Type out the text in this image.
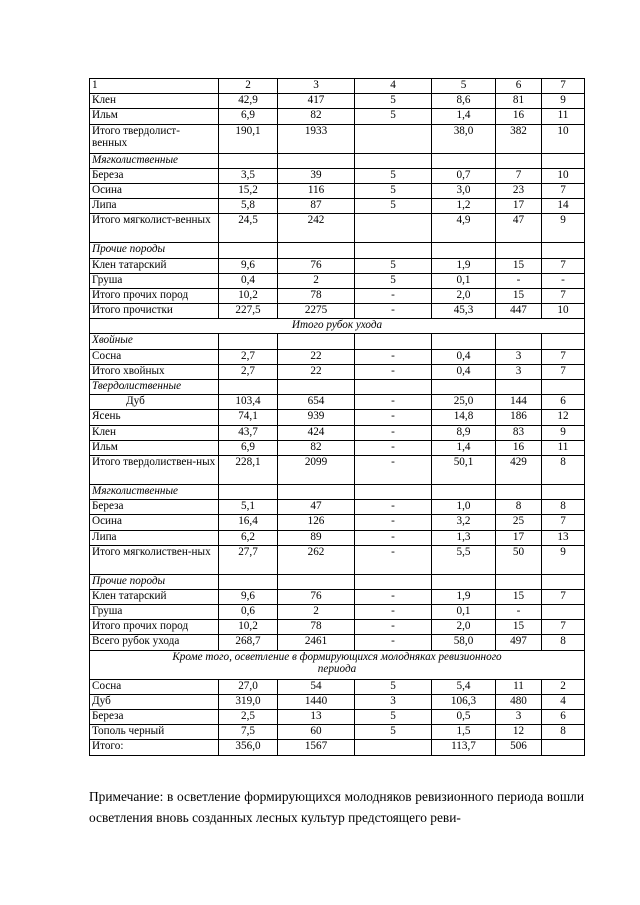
1	2	3	4	5	6	7
Клен	42,9	417	5	8,6	81	9
Ильм	6,9	82	5	1,4	16	11
Итого твердолист- венных	190,1	1933		38,0	382	10
Мягколиственные						
Береза	3,5	39	5	0,7	7	10
Осина	15,2	116	5	3,0	23	7
Липа	5,8	87	5	1,2	17	14
Итого мягколист-венных	24,5	242		4,9	47	9
Прочие породы						
Клен татарский	9,6	76	5	1,9	15	7
Груша	0,4	2	5	0,1	-	-
Итого прочих пород	10,2	78	-	2,0	15	7
Итого прочистки	227,5	2275	-	45,3	447	10
Итого рубок ухода						
Хвойные						
Сосна	2,7	22	-	0,4	3	7
Итого хвойных	2,7	22	-	0,4	3	7
Твердолиственные						
Дуб	103,4	654	-	25,0	144	6
Ясень	74,1	939	-	14,8	186	12
Клен	43,7	424	-	8,9	83	9
Ильм	6,9	82	-	1,4	16	11
Итого твердолиствен-ных	228,1	2099	-	50,1	429	8
Мягколиственные						
Береза	5,1	47	-	1,0	8	8
Осина	16,4	126	-	3,2	25	7
Липа	6,2	89	-	1,3	17	13
Итого мягколиствен-ных	27,7	262	-	5,5	50	9
Прочие породы						
Клен татарский	9,6	76	-	1,9	15	7
Груша	0,6	2	-	0,1	-	
Итого прочих пород	10,2	78	-	2,0	15	7
Всего рубок ухода	268,7	2461	-	58,0	497	8
Кроме того, осветление в формирующихся молодняках ревизионного периода						
Сосна	27,0	54	5	5,4	11	2
Дуб	319,0	1440	3	106,3	480	4
Береза	2,5	13	5	0,5	3	6
Тополь черный	7,5	60	5	1,5	12	8
Итого:	356,0	1567		113,7	506	
Примечание: в осветление формирующихся молодняков ревизионного периода вошли осветления вновь созданных лесных культур предстоящего реви-
